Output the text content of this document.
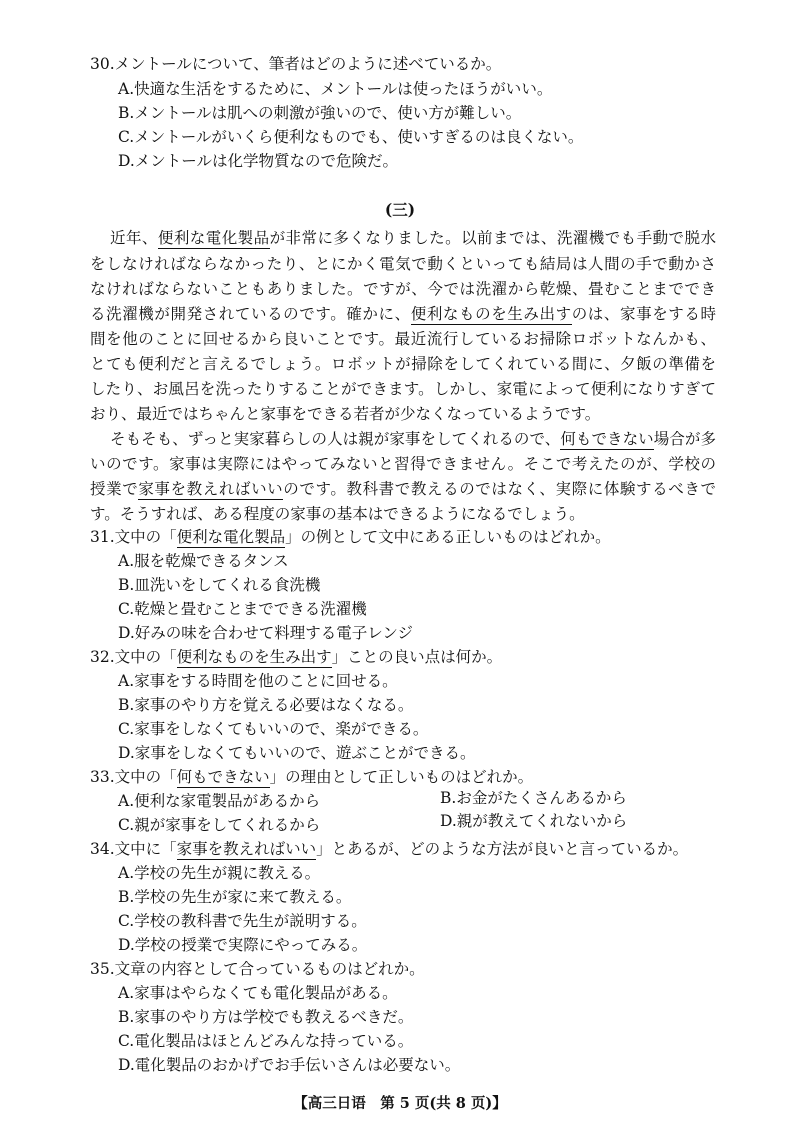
30.メントールについて、筆者はどのように述べているか。
A.快適な生活をするために、メントールは使ったほうがいい。
B.メントールは肌への刺激が強いので、使い方が難しい。
C.メントールがいくら便利なものでも、使いすぎるのは良くない。
D.メントールは化学物質なので危険だ。
(三)
近年、便利な電化製品が非常に多くなりました。以前までは、洗濯機でも手動で脱水
をしなければならなかったり、とにかく電気で動くといっても結局は人間の手で動かさ
なければならないこともありました。ですが、今では洗濯から乾燥、畳むことまででき
る洗濯機が開発されているのです。確かに、便利なものを生み出すのは、家事をする時
間を他のことに回せるから良いことです。最近流行しているお掃除ロボットなんかも、
とても便利だと言えるでしょう。ロボットが掃除をしてくれている間に、夕飯の準備を
したり、お風呂を洗ったりすることができます。しかし、家電によって便利になりすぎて
おり、最近ではちゃんと家事をできる若者が少なくなっているようです。
そもそも、ずっと実家暮らしの人は親が家事をしてくれるので、何もできない場合が多
いのです。家事は実際にはやってみないと習得できません。そこで考えたのが、学校の
授業で家事を教えればいいのです。教科書で教えるのではなく、実際に体験するべきで
す。そうすれば、ある程度の家事の基本はできるようになるでしょう。
31.文中の「便利な電化製品」の例として文中にある正しいものはどれか。
A.服を乾燥できるタンス
B.皿洗いをしてくれる食洗機
C.乾燥と畳むことまでできる洗濯機
D.好みの味を合わせて料理する電子レンジ
32.文中の「便利なものを生み出す」ことの良い点は何か。
A.家事をする時間を他のことに回せる。
B.家事のやり方を覚える必要はなくなる。
C.家事をしなくてもいいので、楽ができる。
D.家事をしなくてもいいので、遊ぶことができる。
33.文中の「何もできない」の理由として正しいものはどれか。
A.便利な家電製品があるから	B.お金がたくさんあるから
C.親が家事をしてくれるから	D.親が教えてくれないから
34.文中に「家事を教えればいい」とあるが、どのような方法が良いと言っているか。
A.学校の先生が親に教える。
B.学校の先生が家に来て教える。
C.学校の教科書で先生が説明する。
D.学校の授業で実際にやってみる。
35.文章の内容として合っているものはどれか。
A.家事はやらなくても電化製品がある。
B.家事のやり方は学校でも教えるべきだ。
C.電化製品はほとんどみんな持っている。
D.電化製品のおかげでお手伝いさんは必要ない。
【高三日语　第 5 页(共 8 页)】
